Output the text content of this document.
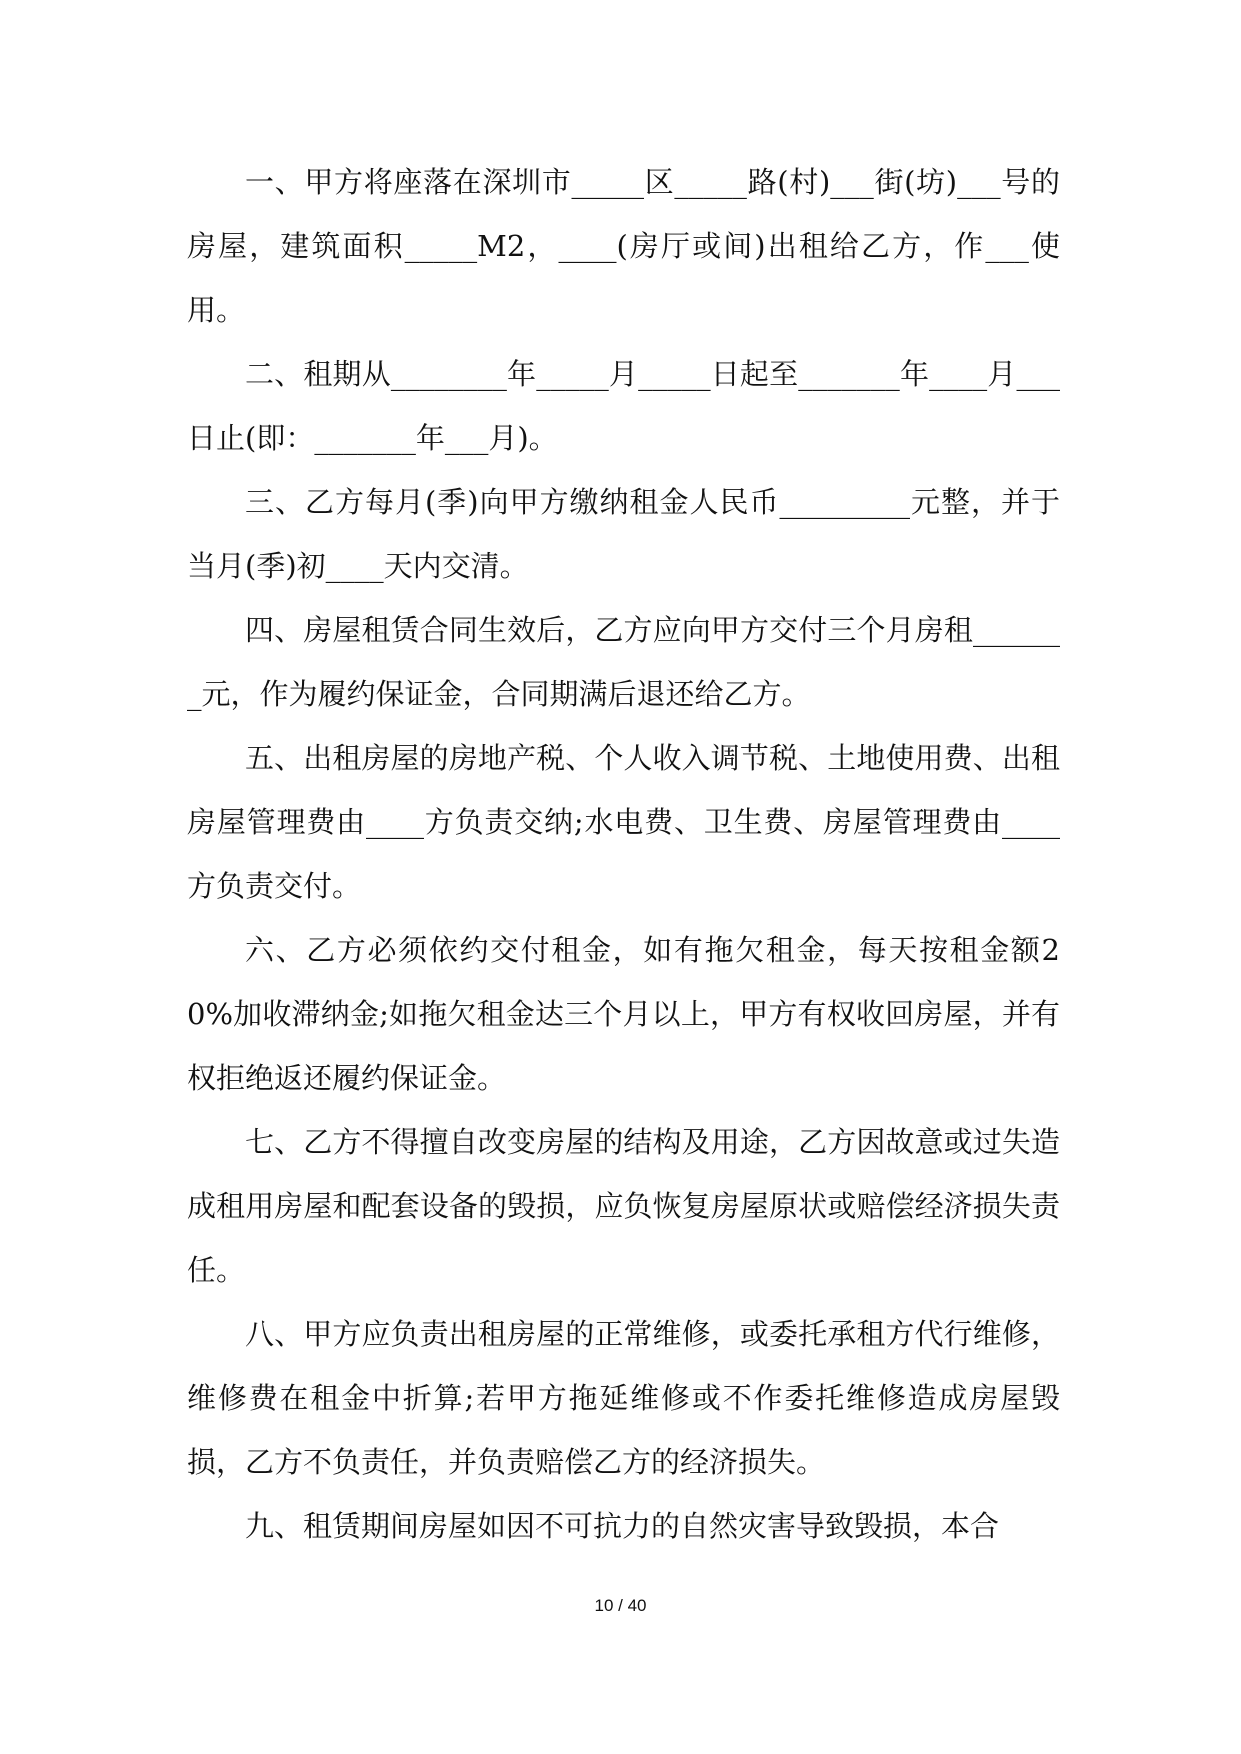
一、甲方将座落在深圳市_____区_____路(村)___街(坊)___号的房屋，建筑面积_____M2，____(房厅或间)出租给乙方，作___使用。

二、租期从________年_____月_____日起至_______年____月___日止(即：_______年___月)。

三、乙方每月(季)向甲方缴纳租金人民币_________元整，并于当月(季)初____天内交清。

四、房屋租赁合同生效后，乙方应向甲方交付三个月房租_______元，作为履约保证金，合同期满后退还给乙方。

五、出租房屋的房地产税、个人收入调节税、土地使用费、出租房屋管理费由____方负责交纳;水电费、卫生费、房屋管理费由____方负责交付。

六、乙方必须依约交付租金，如有拖欠租金，每天按租金额20%加收滞纳金;如拖欠租金达三个月以上，甲方有权收回房屋，并有权拒绝返还履约保证金。

七、乙方不得擅自改变房屋的结构及用途，乙方因故意或过失造成租用房屋和配套设备的毁损，应负恢复房屋原状或赔偿经济损失责任。

八、甲方应负责出租房屋的正常维修，或委托承租方代行维修，维修费在租金中折算;若甲方拖延维修或不作委托维修造成房屋毁损，乙方不负责任，并负责赔偿乙方的经济损失。

九、租赁期间房屋如因不可抗力的自然灾害导致毁损，本合

10 / 40
